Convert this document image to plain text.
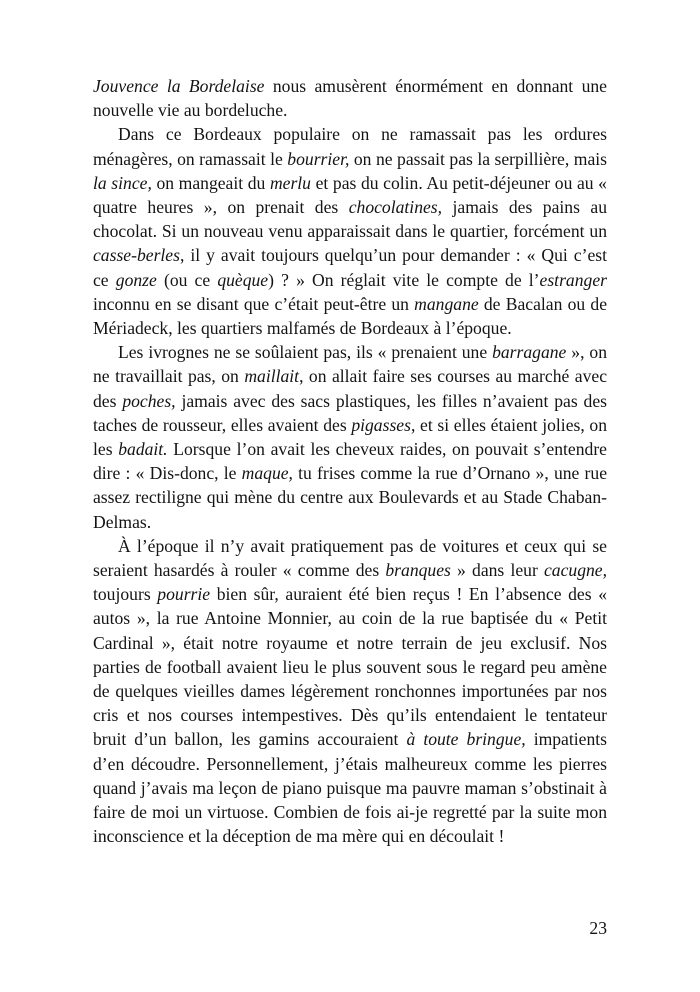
Jouvence la Bordelaise nous amusèrent énormément en donnant une nouvelle vie au bordeluche.

Dans ce Bordeaux populaire on ne ramassait pas les ordures ménagères, on ramassait le bourrier, on ne passait pas la serpillière, mais la since, on mangeait du merlu et pas du colin. Au petit-déjeuner ou au « quatre heures », on prenait des chocolatines, jamais des pains au chocolat. Si un nouveau venu apparaissait dans le quartier, forcément un casse-berles, il y avait toujours quelqu’un pour demander : « Qui c’est ce gonze (ou ce quèque) ? » On réglait vite le compte de l’estranger inconnu en se disant que c’était peut-être un mangane de Bacalan ou de Mériadeck, les quartiers malfamés de Bordeaux à l’époque.

Les ivrognes ne se soûlaient pas, ils « prenaient une barragane », on ne travaillait pas, on maillait, on allait faire ses courses au marché avec des poches, jamais avec des sacs plastiques, les filles n’avaient pas des taches de rousseur, elles avaient des pigasses, et si elles étaient jolies, on les badait. Lorsque l’on avait les cheveux raides, on pouvait s’entendre dire : « Dis-donc, le maque, tu frises comme la rue d’Ornano », une rue assez rectiligne qui mène du centre aux Boulevards et au Stade Chaban-Delmas.

À l’époque il n’y avait pratiquement pas de voitures et ceux qui se seraient hasardés à rouler « comme des branques » dans leur cacugne, toujours pourrie bien sûr, auraient été bien reçus ! En l’absence des « autos », la rue Antoine Monnier, au coin de la rue baptisée du « Petit Cardinal », était notre royaume et notre terrain de jeu exclusif. Nos parties de football avaient lieu le plus souvent sous le regard peu amène de quelques vieilles dames légèrement ronchonnes importunées par nos cris et nos courses intempestives. Dès qu’ils entendaient le tentateur bruit d’un ballon, les gamins accouraient à toute bringue, impatients d’en découdre. Personnellement, j’étais malheureux comme les pierres quand j’avais ma leçon de piano puisque ma pauvre maman s’obstinait à faire de moi un virtuose. Combien de fois ai-je regretté par la suite mon inconscience et la déception de ma mère qui en découlait !

23
